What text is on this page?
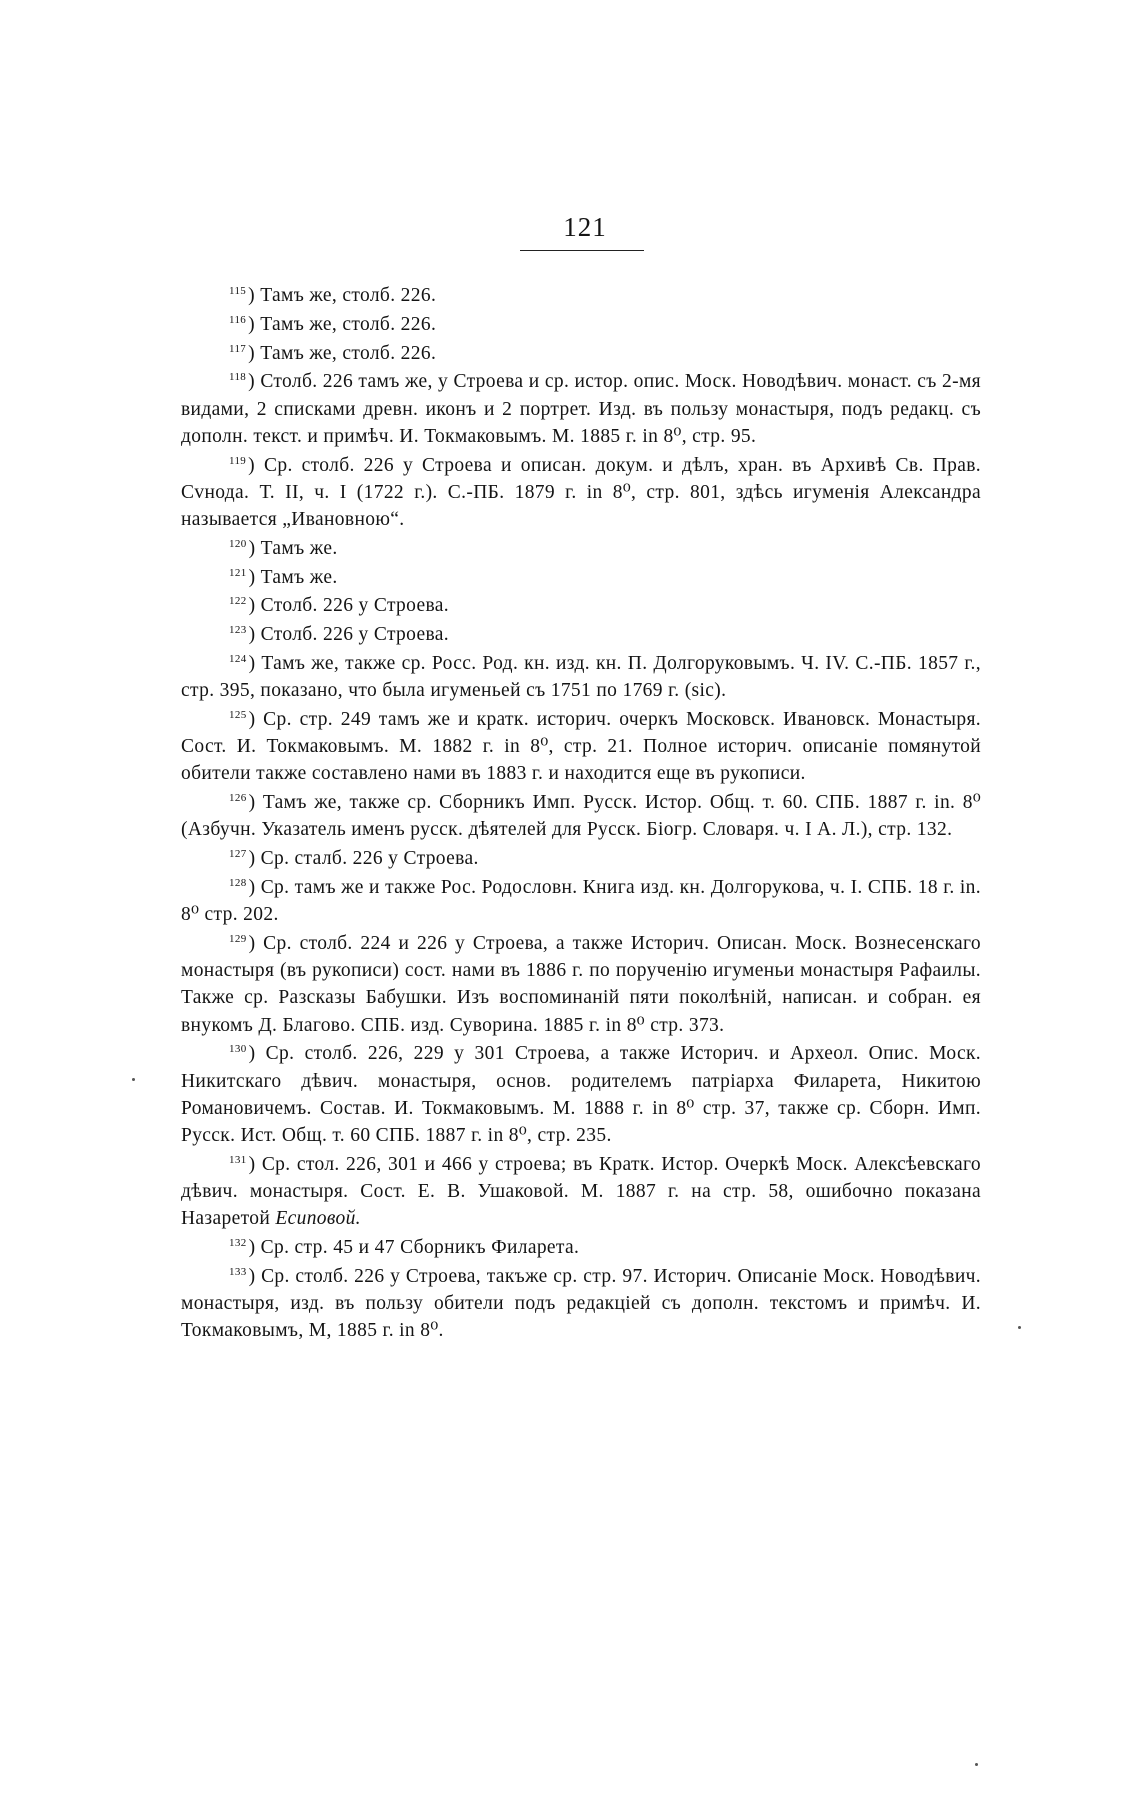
121

$^{115}$ ) Тамъ же, столб. 226.

$^{116}$ ) Тамъ же, столб. 226.

$^{117}$ ) Тамъ же, столб. 226.

$^{118}$ ) Столб. 226 тамъ же, у Строева и ср. истор. опис. Моск. Новодѣвич. монаст. съ 2-мя видами, 2 списками древн. иконъ и 2 портрет. Изд. въ пользу монастыря, подъ редакц. съ дополн. текст. и примѣч. И. Токмаковымъ. М. 1885 г. in 8⁰, стр. 95.

$^{119}$ ) Ср. столб. 226 у Строева и описан. докум. и дѣлъ, хран. въ Архивѣ Св. Прав. Сvнода. Т. II, ч. I (1722 г.). С.-ПБ. 1879 г. in 8⁰, стр. 801, здѣсь игуменія Александра называется „Ивановною“.

$^{120}$ ) Тамъ же.

$^{121}$ ) Тамъ же.

$^{122}$ ) Столб. 226 у Строева.

$^{123}$ ) Столб. 226 у Строева.

$^{124}$ ) Тамъ же, также ср. Росс. Род. кн. изд. кн. П. Долгоруковымъ. Ч. IV. С.-ПБ. 1857 г., стр. 395, показано, что была игуменьей съ 1751 по 1769 г. (sic).

$^{125}$ ) Ср. стр. 249 тамъ же и кратк. историч. очеркъ Московск. Ивановск. Монастыря. Сост. И. Токмаковымъ. М. 1882 г. in 8⁰, стр. 21. Полное историч. описаніе помянутой обители также составлено нами въ 1883 г. и находится еще въ рукописи.

$^{126}$ ) Тамъ же, также ср. Сборникъ Имп. Русск. Истор. Общ. т. 60. СПБ. 1887 г. in. 8⁰ (Азбучн. Указатель именъ русск. дѣятелей для Русск. Біогр. Словаря. ч. I А. Л.), стр. 132.

$^{127}$ ) Ср. сталб. 226 у Строева.

$^{128}$ ) Ср. тамъ же и также Рос. Родословн. Книга изд. кн. Долгорукова, ч. I. СПБ. 18 г. in. 8⁰ стр. 202.

$^{129}$ ) Ср. столб. 224 и 226 у Строева, а также Историч. Описан. Моск. Вознесенскаго монастыря (въ рукописи) сост. нами въ 1886 г. по порученію игуменьи монастыря Рафаилы. Также ср. Разсказы Бабушки. Изъ воспоминаній пяти поколѣній, написан. и собран. ея внукомъ Д. Благово. СПБ. изд. Суворина. 1885 г. in 8⁰ стр. 373.

$^{130}$ ) Ср. столб. 226, 229 у 301 Строева, а также Историч. и Археол. Опис. Моск. Никитскаго дѣвич. монастыря, основ. родителемъ патріарха Филарета, Никитою Романовичемъ. Состав. И. Токмаковымъ. М. 1888 г. in 8⁰ стр. 37, также ср. Сборн. Имп. Русск. Ист. Общ. т. 60 СПБ. 1887 г. in 8⁰, стр. 235.

$^{131}$ ) Ср. стол. 226, 301 и 466 у строева; въ Кратк. Истор. Очеркѣ Моск. Алексѣевскаго дѣвич. монастыря. Сост. Е. В. Ушаковой. М. 1887 г. на стр. 58, ошибочно показана Назаретой Есиповой.

$^{132}$ ) Ср. стр. 45 и 47 Сборникъ Филарета.

$^{133}$ ) Ср. столб. 226 у Строева, такъже ср. стр. 97. Историч. Описаніе Моск. Новодѣвич. монастыря, изд. въ пользу обители подъ редакціей съ дополн. текстомъ и примѣч. И. Токмаковымъ, М, 1885 г. in 8⁰.
